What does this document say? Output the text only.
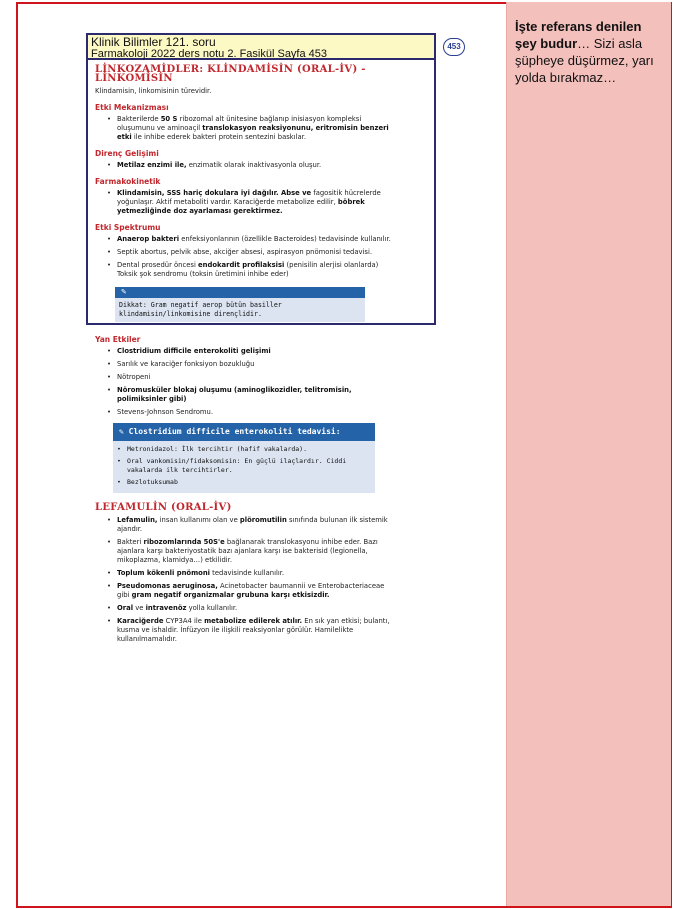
İşte referans denilen şey budur… Sizi asla şüpheye düşürmez, yarı yolda bırakmaz…
Klinik Bilimler 121. soru
Farmakoloji 2022 ders notu 2. Fasikül Sayfa 453
453
LİNKOZAMİDLER: KLİNDAMİSİN (ORAL-İV) - LİNKOMİSİN

Klindamisin, linkomisinin türevidir.

Etki Mekanizması
• Bakterilerde 50 S ribozomal alt ünitesine bağlanıp inisiasyon kompleksi oluşumunu ve aminoaçil translokasyon reaksiyonunu, eritromisin benzeri etki ile inhibe ederek bakteri protein sentezini baskılar.
Direnç Gelişimi
• Metilaz enzimi ile, enzimatik olarak inaktivasyonla oluşur.
Farmakokinetik
• Klindamisin, SSS hariç dokulara iyi dağılır. Abse ve fagositik hücrelerde yoğunlaşır. Aktif metaboliti vardır. Karaciğerde metabolize edilir, böbrek yetmezliğinde doz ayarlaması gerektirmez.
Etki Spektrumu
• Anaerop bakteri enfeksiyonlarının (özellikle Bacteroides) tedavisinde kullanılır.
• Septik abortus, pelvik abse, akciğer absesi, aspirasyon pnömonisi tedavisi.
• Dental prosedür öncesi endokardit profilaksisi (penisilin alerjisi olanlarda)
Toksik şok sendromu (toksin üretimini inhibe eder)
✎
Dikkat: Gram negatif aerop bütün basiller klindamisin/linkomisine dirençlidir.
Yan Etkiler
• Clostridium difficile enterokoliti gelişimi
• Sarılık ve karaciğer fonksiyon bozukluğu
• Nötropeni
• Nöromusküler blokaj oluşumu (aminoglikozidler, telitromisin, polimiksinler gibi)
• Stevens-Johnson Sendromu.
✎ Clostridium difficile enterokoliti tedavisi:
• Metronidazol: İlk tercihtir (hafif vakalarda).
• Oral vankomisin/fidaksomisin: En güçlü ilaçlardır. Ciddi vakalarda ilk tercihtirler.
• Bezlotuksumab
LEFAMULİN (ORAL-İV)
• Lefamulin, insan kullanımı olan ve plöromutilin sınıfında bulunan ilk sistemik ajandır.
• Bakteri ribozomlarında 50S'e bağlanarak translokasyonu inhibe eder. Bazı ajanlara karşı bakteriyostatik bazı ajanlara karşı ise bakterisid (legionella, mikoplazma, klamidya…) etkilidir.
• Toplum kökenli pnömoni tedavisinde kullanılır.
• Pseudomonas aeruginosa, Acinetobacter baumannii ve Enterobacteriaceae gibi gram negatif organizmalar grubuna karşı etkisizdir.
• Oral ve intravenöz yolla kullanılır.
• Karaciğerde CYP3A4 ile metabolize edilerek atılır. En sık yan etkisi; bulantı, kusma ve ishaldir. İnfüzyon ile ilişkili reaksiyonlar görülür. Hamilelikte kullanılmamalıdır.
